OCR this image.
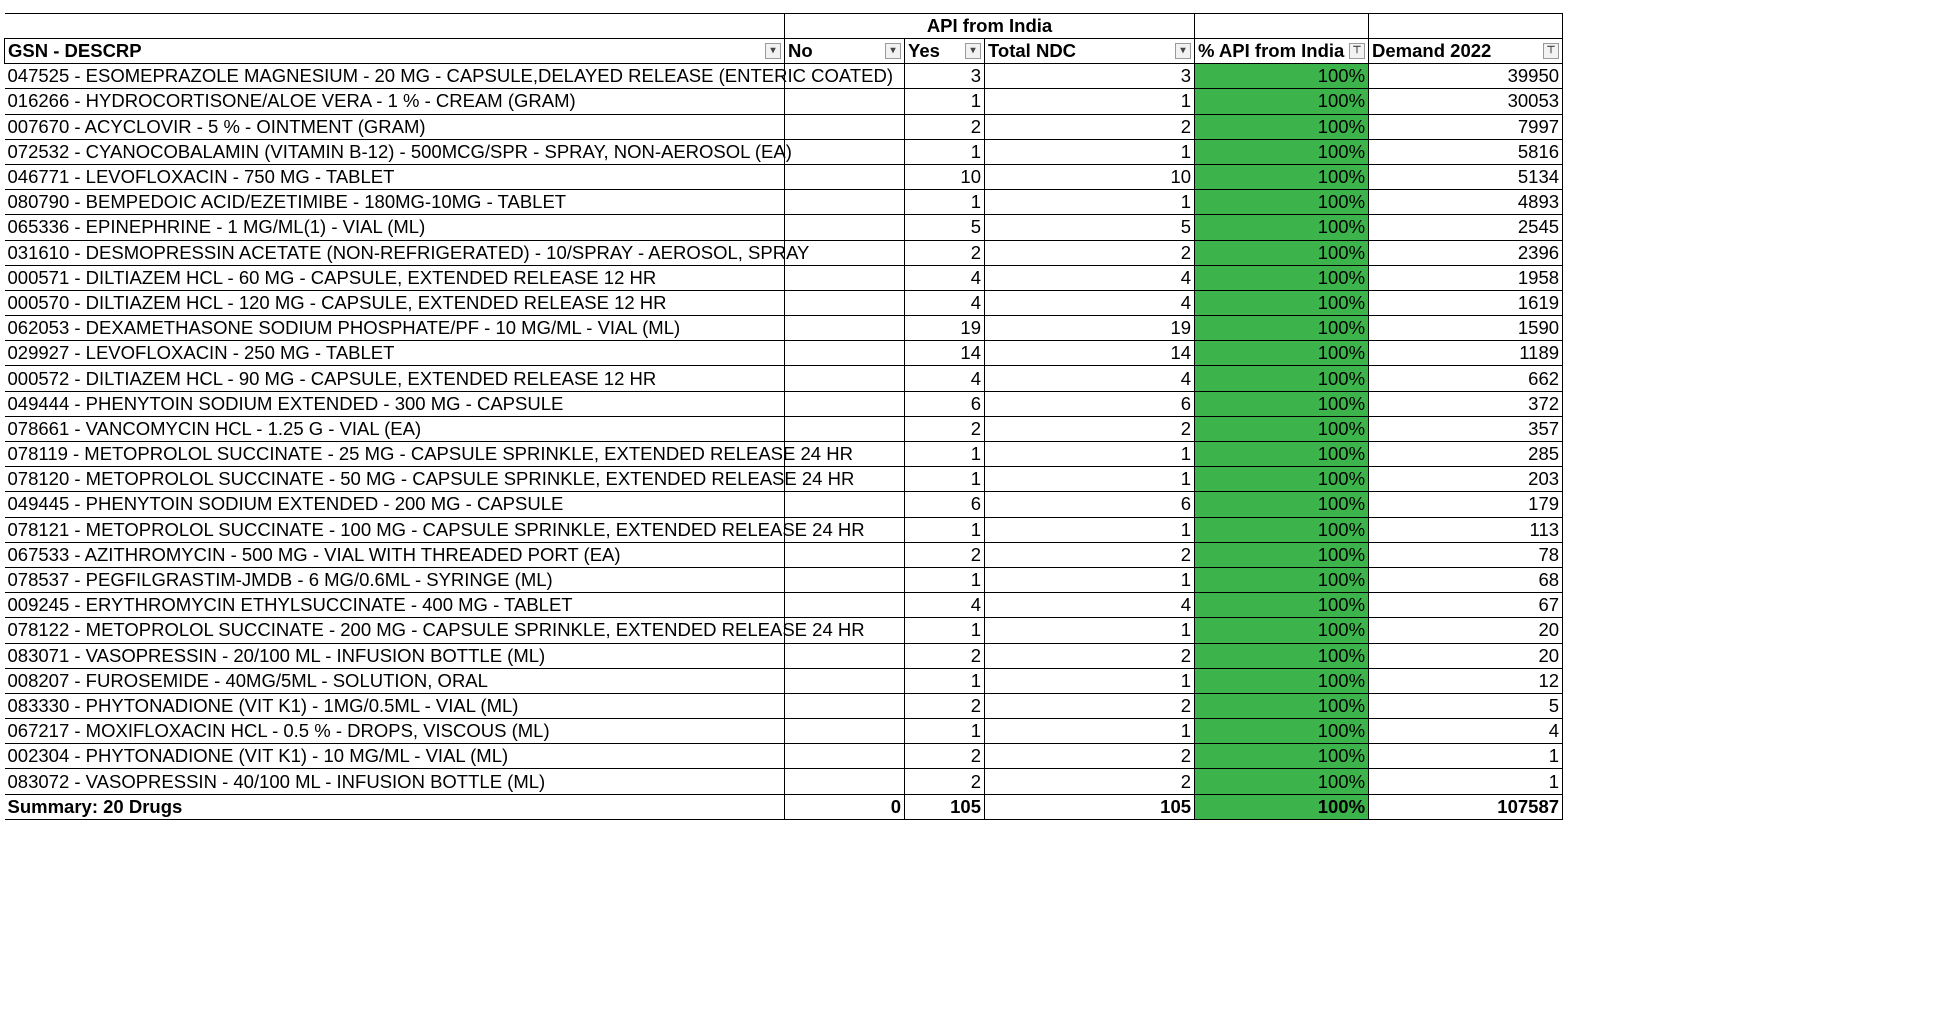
	API from India				
GSN - DESCRP ▾	No ▾	Yes ▾	Total NDC ▾	% API from India ⊤	Demand 2022 ⊤

047525 - ESOMEPRAZOLE MAGNESIUM - 20 MG - CAPSULE,DELAYED RELEASE (ENTERIC COATED)		3	3	100%	39950
016266 - HYDROCORTISONE/ALOE VERA - 1 % - CREAM (GRAM)		1	1	100%	30053
007670 - ACYCLOVIR - 5 % - OINTMENT (GRAM)		2	2	100%	7997
072532 - CYANOCOBALAMIN (VITAMIN B-12) - 500MCG/SPR - SPRAY, NON-AEROSOL (EA)		1	1	100%	5816
046771 - LEVOFLOXACIN - 750 MG - TABLET		10	10	100%	5134
080790 - BEMPEDOIC ACID/EZETIMIBE - 180MG-10MG - TABLET		1	1	100%	4893
065336 - EPINEPHRINE - 1 MG/ML(1) - VIAL (ML)		5	5	100%	2545
031610 - DESMOPRESSIN ACETATE (NON-REFRIGERATED) - 10/SPRAY - AEROSOL, SPRAY		2	2	100%	2396
000571 - DILTIAZEM HCL - 60 MG - CAPSULE, EXTENDED RELEASE 12 HR		4	4	100%	1958
000570 - DILTIAZEM HCL - 120 MG - CAPSULE, EXTENDED RELEASE 12 HR		4	4	100%	1619
062053 - DEXAMETHASONE SODIUM PHOSPHATE/PF - 10 MG/ML - VIAL (ML)		19	19	100%	1590
029927 - LEVOFLOXACIN - 250 MG - TABLET		14	14	100%	1189
000572 - DILTIAZEM HCL - 90 MG - CAPSULE, EXTENDED RELEASE 12 HR		4	4	100%	662
049444 - PHENYTOIN SODIUM EXTENDED - 300 MG - CAPSULE		6	6	100%	372
078661 - VANCOMYCIN HCL - 1.25 G - VIAL (EA)		2	2	100%	357
078119 - METOPROLOL SUCCINATE - 25 MG - CAPSULE SPRINKLE, EXTENDED RELEASE 24 HR		1	1	100%	285
078120 - METOPROLOL SUCCINATE - 50 MG - CAPSULE SPRINKLE, EXTENDED RELEASE 24 HR		1	1	100%	203
049445 - PHENYTOIN SODIUM EXTENDED - 200 MG - CAPSULE		6	6	100%	179
078121 - METOPROLOL SUCCINATE - 100 MG - CAPSULE SPRINKLE, EXTENDED RELEASE 24 HR		1	1	100%	113
067533 - AZITHROMYCIN - 500 MG - VIAL WITH THREADED PORT (EA)		2	2	100%	78
078537 - PEGFILGRASTIM-JMDB - 6 MG/0.6ML - SYRINGE (ML)		1	1	100%	68
009245 - ERYTHROMYCIN ETHYLSUCCINATE - 400 MG - TABLET		4	4	100%	67
078122 - METOPROLOL SUCCINATE - 200 MG - CAPSULE SPRINKLE, EXTENDED RELEASE 24 HR		1	1	100%	20
083071 - VASOPRESSIN - 20/100 ML - INFUSION BOTTLE (ML)		2	2	100%	20
008207 - FUROSEMIDE - 40MG/5ML - SOLUTION, ORAL		1	1	100%	12
083330 - PHYTONADIONE (VIT K1) - 1MG/0.5ML - VIAL (ML)		2	2	100%	5
067217 - MOXIFLOXACIN HCL - 0.5 % - DROPS, VISCOUS (ML)		1	1	100%	4
002304 - PHYTONADIONE (VIT K1) - 10 MG/ML - VIAL (ML)		2	2	100%	1
083072 - VASOPRESSIN - 40/100 ML - INFUSION BOTTLE (ML)		2	2	100%	1
Summary: 20 Drugs	0	105	105	100%	107587
